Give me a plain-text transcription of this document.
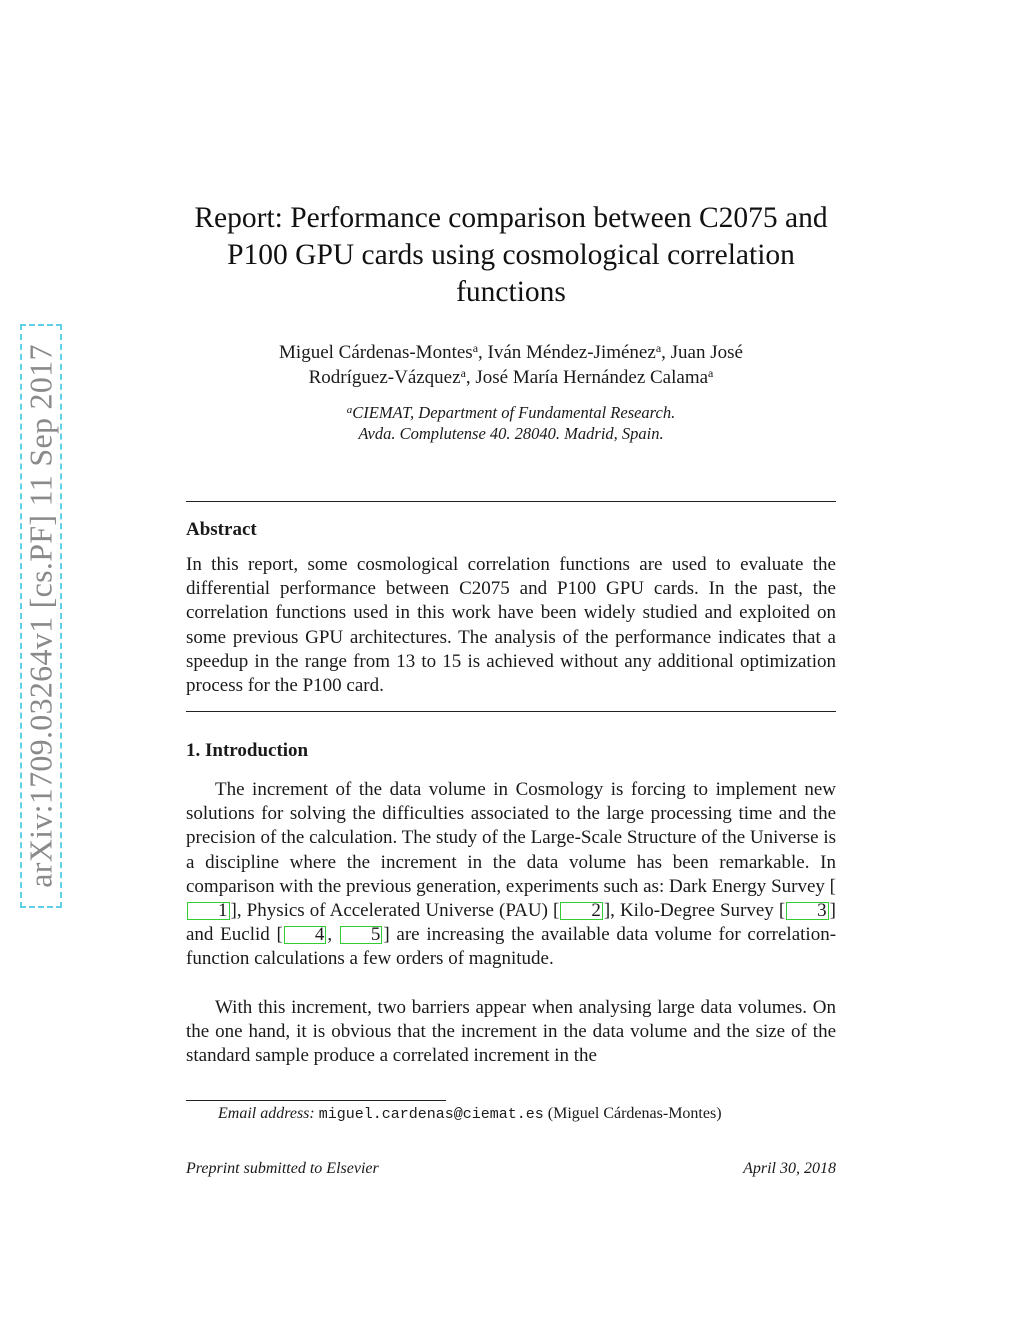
arXiv:1709.03264v1 [cs.PF] 11 Sep 2017
Report: Performance comparison between C2075 and
P100 GPU cards using cosmological correlation
functions
Miguel Cárdenas-Montes$^a$, Iván Méndez-Jiménez$^a$, Juan José
Rodríguez-Vázquez$^a$, José María Hernández Calama$^a$
$^a$CIEMAT, Department of Fundamental Research.
Avda. Complutense 40. 28040. Madrid, Spain.
Abstract

In this report, some cosmological correlation functions are used to evaluate the differential performance between C2075 and P100 GPU cards. In the past, the correlation functions used in this work have been widely studied and exploited on some previous GPU architectures. The analysis of the performance indicates that a speedup in the range from 13 to 15 is achieved without any additional optimization process for the P100 card.

1. Introduction

The increment of the data volume in Cosmology is forcing to implement new solutions for solving the difficulties associated to the large processing time and the precision of the calculation. The study of the Large-Scale Structure of the Universe is a discipline where the increment in the data volume has been remarkable. In comparison with the previous generation, experiments such as: Dark Energy Survey [1 ], Physics of Accelerated Universe (PAU) [ 2 ], Kilo-Degree Survey [ 3 ] and Euclid [ 4 , 5 ] are increasing the available data volume for correlation-function calculations a few orders of magnitude.

With this increment, two barriers appear when analysing large data volumes. On the one hand, it is obvious that the increment in the data volume and the size of the standard sample produce a correlated increment in the

Email address: miguel.cardenas@ciemat.es (Miguel Cárdenas-Montes)
Preprint submitted to Elsevier	April 30, 2018
